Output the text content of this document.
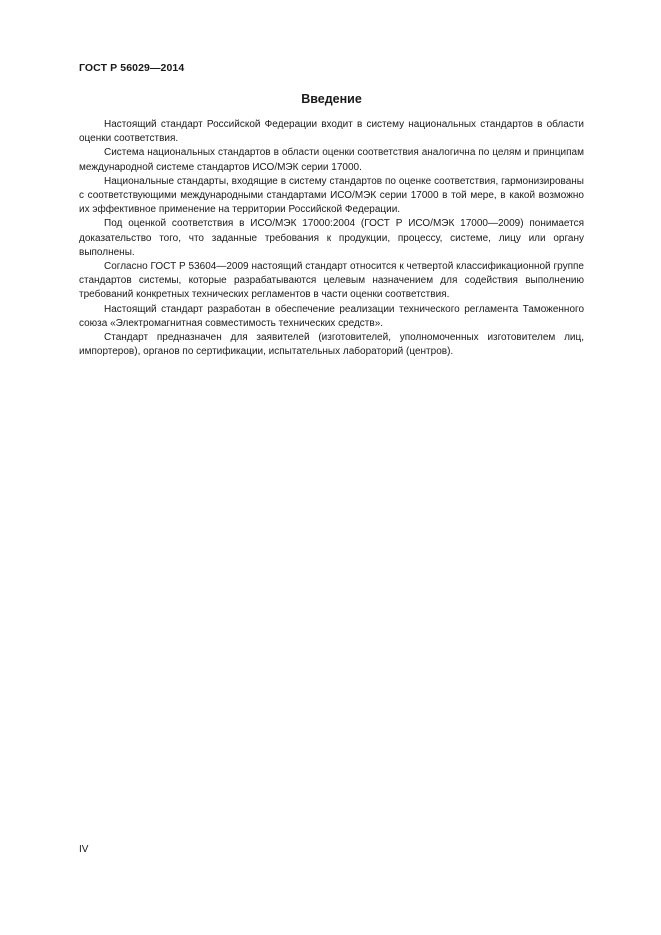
ГОСТ Р 56029—2014
Введение

Настоящий стандарт Российской Федерации входит в систему национальных стандартов в области оценки соответствия.

Система национальных стандартов в области оценки соответствия аналогична по целям и принципам международной системе стандартов ИСО/МЭК серии 17000.

Национальные стандарты, входящие в систему стандартов по оценке соответствия, гармонизированы с соответствующими международными стандартами ИСО/МЭК серии 17000 в той мере, в какой возможно их эффективное применение на территории Российской Федерации.

Под оценкой соответствия в ИСО/МЭК 17000:2004 (ГОСТ Р ИСО/МЭК 17000—2009) понимается доказательство того, что заданные требования к продукции, процессу, системе, лицу или органу выполнены.

Согласно ГОСТ Р 53604—2009 настоящий стандарт относится к четвертой классификационной группе стандартов системы, которые разрабатываются целевым назначением для содействия выполнению требований конкретных технических регламентов в части оценки соответствия.

Настоящий стандарт разработан в обеспечение реализации технического регламента Таможенного союза «Электромагнитная совместимость технических средств».

Стандарт предназначен для заявителей (изготовителей, уполномоченных изготовителем лиц, импортеров), органов по сертификации, испытательных лабораторий (центров).

IV
